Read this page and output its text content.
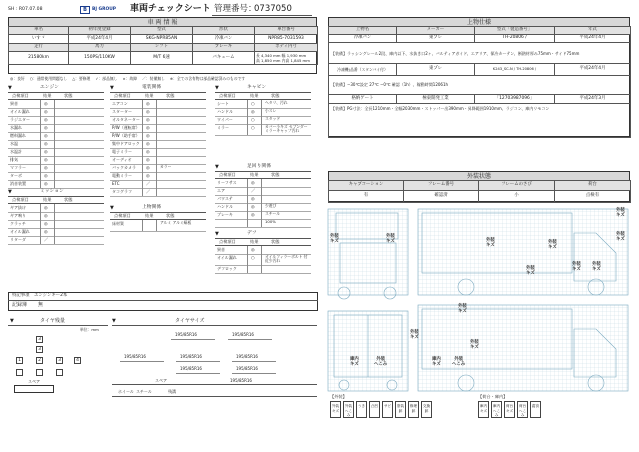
SH : R07.07.08	B	BJ GROUP 車両チェックシート 管理番号：
0737050
車 両 情 報
車名	初年度登録	型式	形状	車台番号
いすゞ	平成24年4月	SKG-NPR85AN	冷凍バン	NPR85-7031593
走行	馬力	シフト	ブレーキ	ボディ内寸
21580km	150PS/110KW	M/T 6速	バキューム	長 4,340 mm 幅 1,930 mm
高 1,850 mm 内高 1,845 mm
◎：良好 ○：通常使用問題なし △：要修理 ✓：部品無し ×：故障 ／：装備無し ※：全ての含有物は部品確認済みのものです
▼	エンジン
点検項目	結果	状態
異音	◎
オイル漏れ	◎
ラジエター	◎
水漏れ	◎
燃料漏れ	◎
水温	◎
水温計	◎
排気	◎
マフラー	◎
ターボ	◎
消音装置	◎
▼	ミッション
点検項目	結果	状態
ギア抜け	◎
ギア鳴り	◎
クラッチ	◎
オイル漏れ	◎
リターダ	／
▼	電装関係
点検項目	結果	状態
エアコン	◎
スターター	◎
オルタネーター ◎
P/W（運転席） ◎
P/W（助手席） ◎
集中ドアロック ◎
電子ミラー	◎
オーディオ	◎
バックカメラ ◎	カラー
電動ミラー	◎
ETC	／
タコグラフ	／
▼	上物関係
点検項目	結果	状態
床材質	アルミ アルミ縞板
▼	キャビン
点検項目	結果	状態
シート	○	ヘタリ、汚れ
ハンドル	◎	小スレ
ワイパー	○	スタッド
ミラー	○	カバー小キズ セブンダーミラーキャップ汚れ
▼	足回り関係
点検項目	結果	状態
リーフサス	◎
エア	／
パワステ	◎
ハンドル	◎	少遊び
ブレーキ	◎	スチール
100%
▼	デフ
点検項目	結果	状態
異音	◎
オイル漏れ	○	オイルフィラーボルト 付近少汚れ
デフロック
特記事項 エンジンキー2本
記録簿 無
▼	タイヤ残量
単位：mm
3
3
1	2	3	4
スペア
▼	タイヤサイズ
195/85R16	195/85R16
195/85R16	195/85R16	195/85R16
195/85R16	195/85R16
スペア	195/85R16
ホイール スチール	残溝
上物仕様
上物名	メーカー	型式「製造番号」	年式
冷凍バン	東プレ	TH-20806 /	平成24年4月
【装備】ラッシングレール2段、庫内以下、水抜き口2ヶ、バルティアガイド、エアリア、保冷カーテン、断熱材厚み75mm・サイド75mm			
冷凍機(品番（スタンバイ付）	東プレ	K243_SC-N / TH-20806 /	平成24年4月
【装備】−30℃設定 27℃ −0℃ 確認（1h）、稼動時間12061h			
格納ゲート	極東開発工業	「12703987096」	平成24年3月
【装備】PG寸法：全長1210mm・全幅2030mm・ストッパー出390mm・昇降範囲1910mm、ラジコン、庫内リモコン			
外装状態
キャブコーション	フレーム番号	フレームのさび	荷台
有	確認済	小	点検有
外装
キズ
外装
キズ
外装
キズ
外装
キズ
外装
キズ
外装
キズ
外装
キズ
外装
キズ
外装
キズ
外装
キズ
外装
キズ
外装
キズ
庫内
キズ
外装
へこみ
庫内
キズ
外装
へこみ
【外装】	【荷台・庫内】
外装キズ
外装へこみ
うき	凸凹	サビ	塗装跡
修理跡
交換跡
庫内キズ
庫内へこみ
荷台キズ
荷台へこみ
腐食
